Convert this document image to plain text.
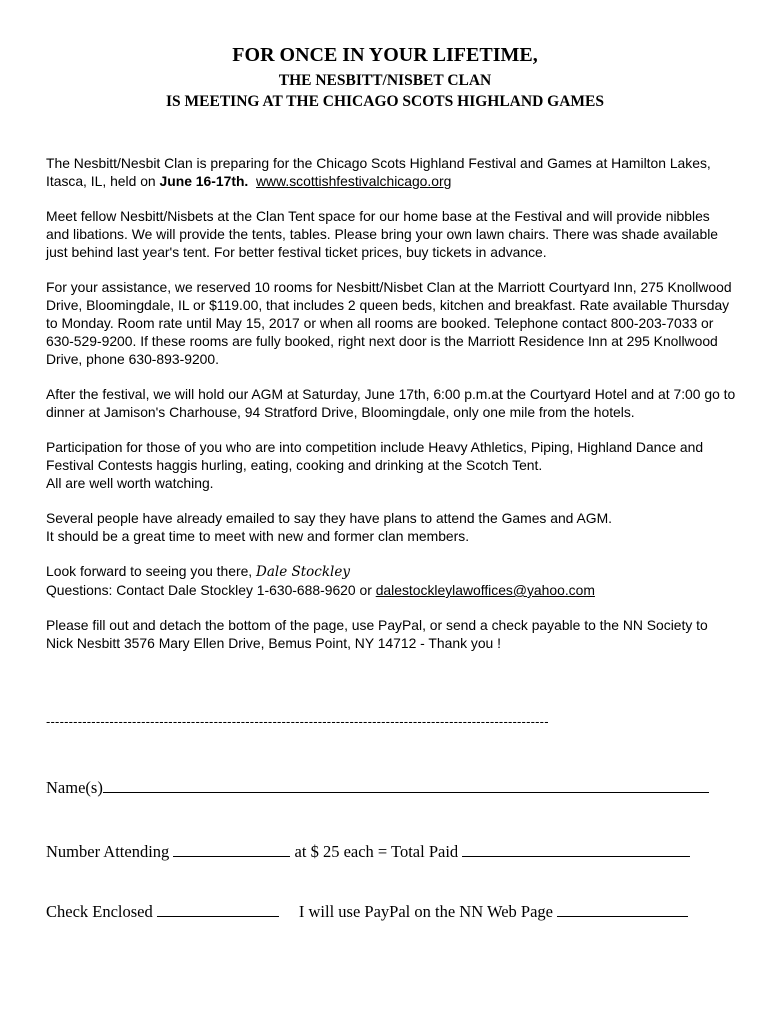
FOR ONCE IN YOUR LIFETIME,
THE NESBITT/NISBET CLAN
IS MEETING AT THE CHICAGO SCOTS HIGHLAND GAMES

The Nesbitt/Nesbit Clan is preparing for the Chicago Scots Highland Festival and Games at Hamilton Lakes, Itasca, IL, held on June 16-17th. www.scottishfestivalchicago.org

Meet fellow Nesbitt/Nisbets at the Clan Tent space for our home base at the Festival and will provide nibbles and libations. We will provide the tents, tables. Please bring your own lawn chairs. There was shade available just behind last year's tent. For better festival ticket prices, buy tickets in advance.

For your assistance, we reserved 10 rooms for Nesbitt/Nisbet Clan at the Marriott Courtyard Inn, 275 Knollwood Drive, Bloomingdale, IL or $119.00, that includes 2 queen beds, kitchen and breakfast. Rate available Thursday to Monday. Room rate until May 15, 2017 or when all rooms are booked. Telephone contact 800-203-7033 or 630-529-9200. If these rooms are fully booked, right next door is the Marriott Residence Inn at 295 Knollwood Drive, phone 630-893-9200.

After the festival, we will hold our AGM at Saturday, June 17th, 6:00 p.m.at the Courtyard Hotel and at 7:00 go to dinner at Jamison's Charhouse, 94 Stratford Drive, Bloomingdale, only one mile from the hotels.

Participation for those of you who are into competition include Heavy Athletics, Piping, Highland Dance and Festival Contests haggis hurling, eating, cooking and drinking at the Scotch Tent.
All are well worth watching.

Several people have already emailed to say they have plans to attend the Games and AGM.
It should be a great time to meet with new and former clan members.

Look forward to seeing you there, Dale Stockley
Questions: Contact Dale Stockley 1-630-688-9620 or dalestockleylawoffices@yahoo.com

Please fill out and detach the bottom of the page, use PayPal, or send a check payable to the NN Society to Nick Nesbitt 3576 Mary Ellen Drive, Bemus Point, NY 14712 - Thank you !

---------------------------------------------------------------------------------------------------------------
Name(s)
Number Attending	at $ 25 each = Total Paid
Check Enclosed	I will use PayPal on the NN Web Page
